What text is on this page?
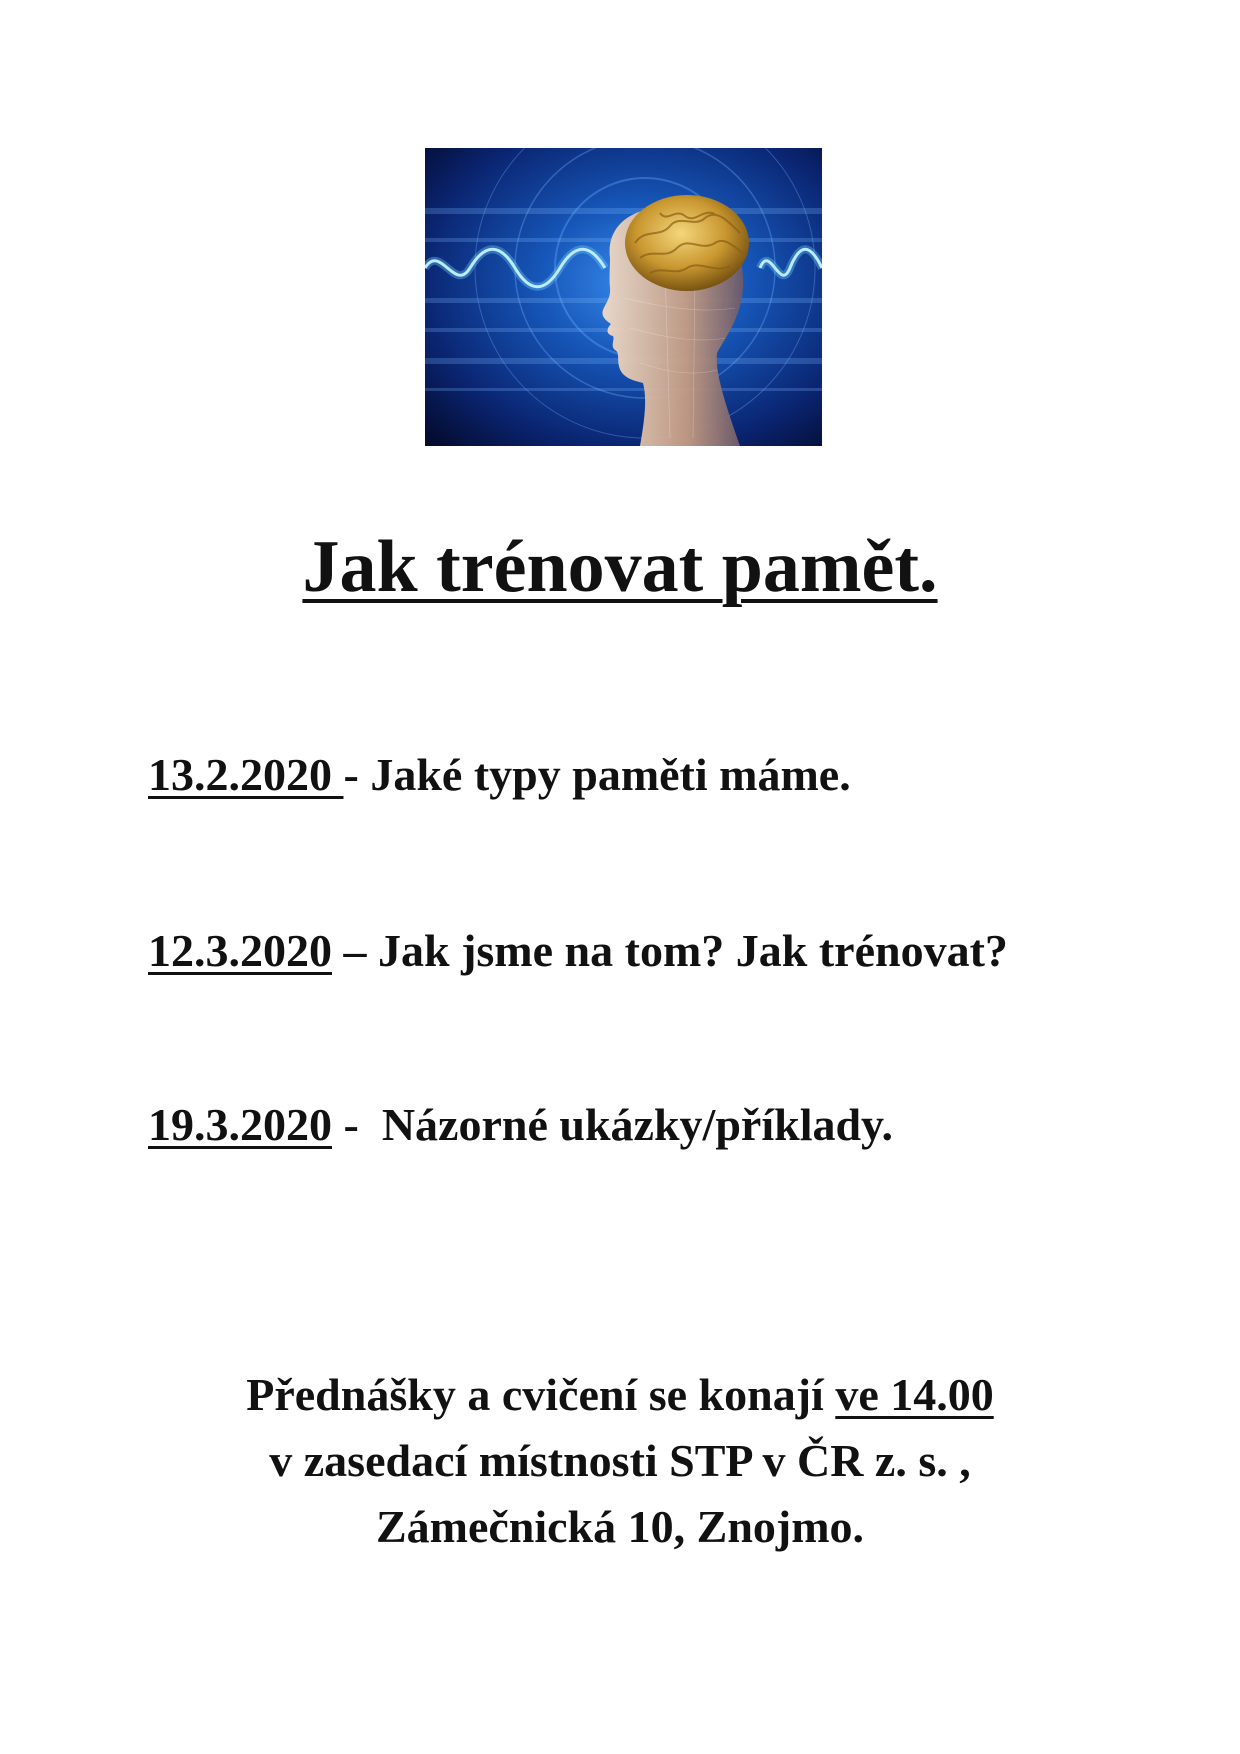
Jak trénovat pamět.
13.2.2020 - Jaké typy paměti máme.
12.3.2020 – Jak jsme na tom? Jak trénovat?
19.3.2020 -  Názorné ukázky/příklady.
Přednášky a cvičení se konají ve 14.00
v zasedací místnosti STP v ČR z. s. ,
Zámečnická 10, Znojmo.
